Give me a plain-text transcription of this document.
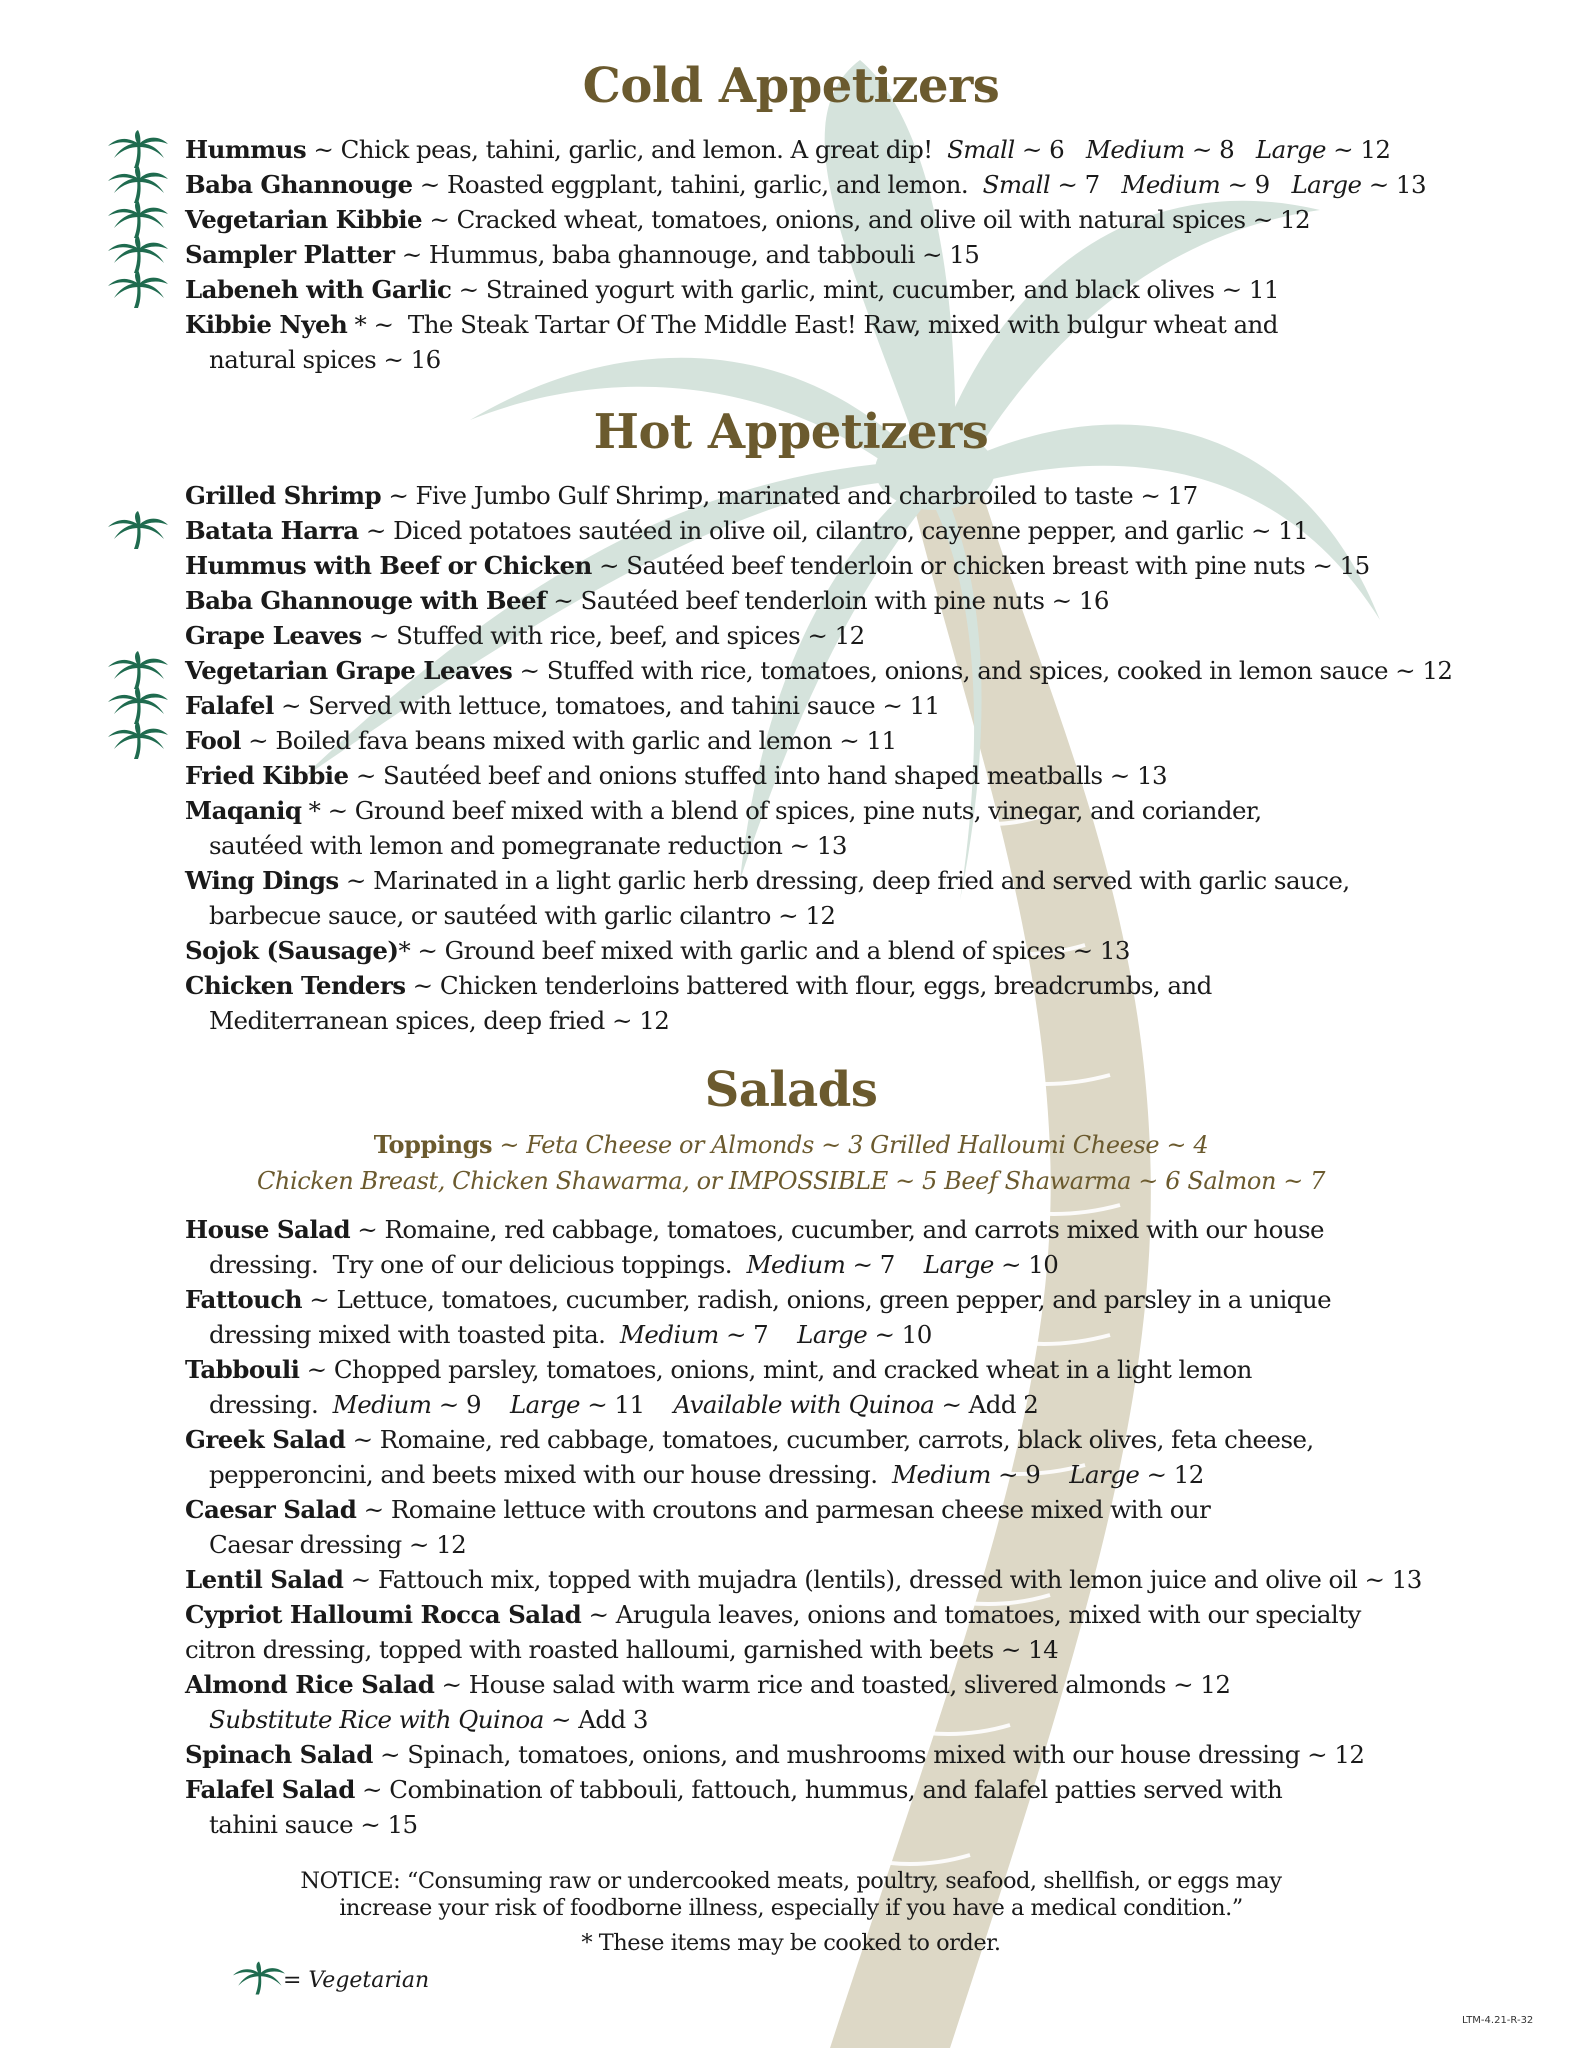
Cold Appetizers
Hummus ~ Chick peas, tahini, garlic, and lemon. A great dip!  Small ~ 6   Medium ~ 8   Large ~ 12
Baba Ghannouge ~ Roasted eggplant, tahini, garlic, and lemon.  Small ~ 7   Medium ~ 9   Large ~ 13
Vegetarian Kibbie ~ Cracked wheat, tomatoes, onions, and olive oil with natural spices ~ 12
Sampler Platter ~ Hummus, baba ghannouge, and tabbouli ~ 15
Labeneh with Garlic ~ Strained yogurt with garlic, mint, cucumber, and black olives ~ 11
Kibbie Nyeh * ~  The Steak Tartar Of The Middle East! Raw, mixed with bulgur wheat and
natural spices ~ 16
Hot Appetizers
Grilled Shrimp ~ Five Jumbo Gulf Shrimp, marinated and charbroiled to taste ~ 17
Batata Harra ~ Diced potatoes sautéed in olive oil, cilantro, cayenne pepper, and garlic ~ 11
Hummus with Beef or Chicken ~ Sautéed beef tenderloin or chicken breast with pine nuts ~ 15
Baba Ghannouge with Beef ~ Sautéed beef tenderloin with pine nuts ~ 16
Grape Leaves ~ Stuffed with rice, beef, and spices ~ 12
Vegetarian Grape Leaves ~ Stuffed with rice, tomatoes, onions, and spices, cooked in lemon sauce ~ 12
Falafel ~ Served with lettuce, tomatoes, and tahini sauce ~ 11
Fool ~ Boiled fava beans mixed with garlic and lemon ~ 11
Fried Kibbie ~ Sautéed beef and onions stuffed into hand shaped meatballs ~ 13
Maqaniq * ~ Ground beef mixed with a blend of spices, pine nuts, vinegar, and coriander,
sautéed with lemon and pomegranate reduction ~ 13
Wing Dings ~ Marinated in a light garlic herb dressing, deep fried and served with garlic sauce,
barbecue sauce, or sautéed with garlic cilantro ~ 12
Sojok (Sausage)* ~ Ground beef mixed with garlic and a blend of spices ~ 13
Chicken Tenders ~ Chicken tenderloins battered with flour, eggs, breadcrumbs, and
Mediterranean spices, deep fried ~ 12
Salads
Toppings ~ Feta Cheese or Almonds ~ 3 Grilled Halloumi Cheese ~ 4
Chicken Breast, Chicken Shawarma, or IMPOSSIBLE ~ 5 Beef Shawarma ~ 6 Salmon ~ 7
House Salad ~ Romaine, red cabbage, tomatoes, cucumber, and carrots mixed with our house
dressing.  Try one of our delicious toppings.  Medium ~ 7    Large ~ 10
Fattouch ~ Lettuce, tomatoes, cucumber, radish, onions, green pepper, and parsley in a unique
dressing mixed with toasted pita.  Medium ~ 7    Large ~ 10
Tabbouli ~ Chopped parsley, tomatoes, onions, mint, and cracked wheat in a light lemon
dressing.  Medium ~ 9    Large ~ 11    Available with Quinoa ~ Add 2
Greek Salad ~ Romaine, red cabbage, tomatoes, cucumber, carrots, black olives, feta cheese,
pepperoncini, and beets mixed with our house dressing.  Medium ~ 9    Large ~ 12
Caesar Salad ~ Romaine lettuce with croutons and parmesan cheese mixed with our
Caesar dressing ~ 12
Lentil Salad ~ Fattouch mix, topped with mujadra (lentils), dressed with lemon juice and olive oil ~ 13
Cypriot Halloumi Rocca Salad ~ Arugula leaves, onions and tomatoes, mixed with our specialty
citron dressing, topped with roasted halloumi, garnished with beets ~ 14
Almond Rice Salad ~ House salad with warm rice and toasted, slivered almonds ~ 12
Substitute Rice with Quinoa ~ Add 3
Spinach Salad ~ Spinach, tomatoes, onions, and mushrooms mixed with our house dressing ~ 12
Falafel Salad ~ Combination of tabbouli, fattouch, hummus, and falafel patties served with
tahini sauce ~ 15
NOTICE: “Consuming raw or undercooked meats, poultry, seafood, shellfish, or eggs may
increase your risk of foodborne illness, especially if you have a medical condition.”
* These items may be cooked to order.
= Vegetarian
LTM-4.21-R-32
